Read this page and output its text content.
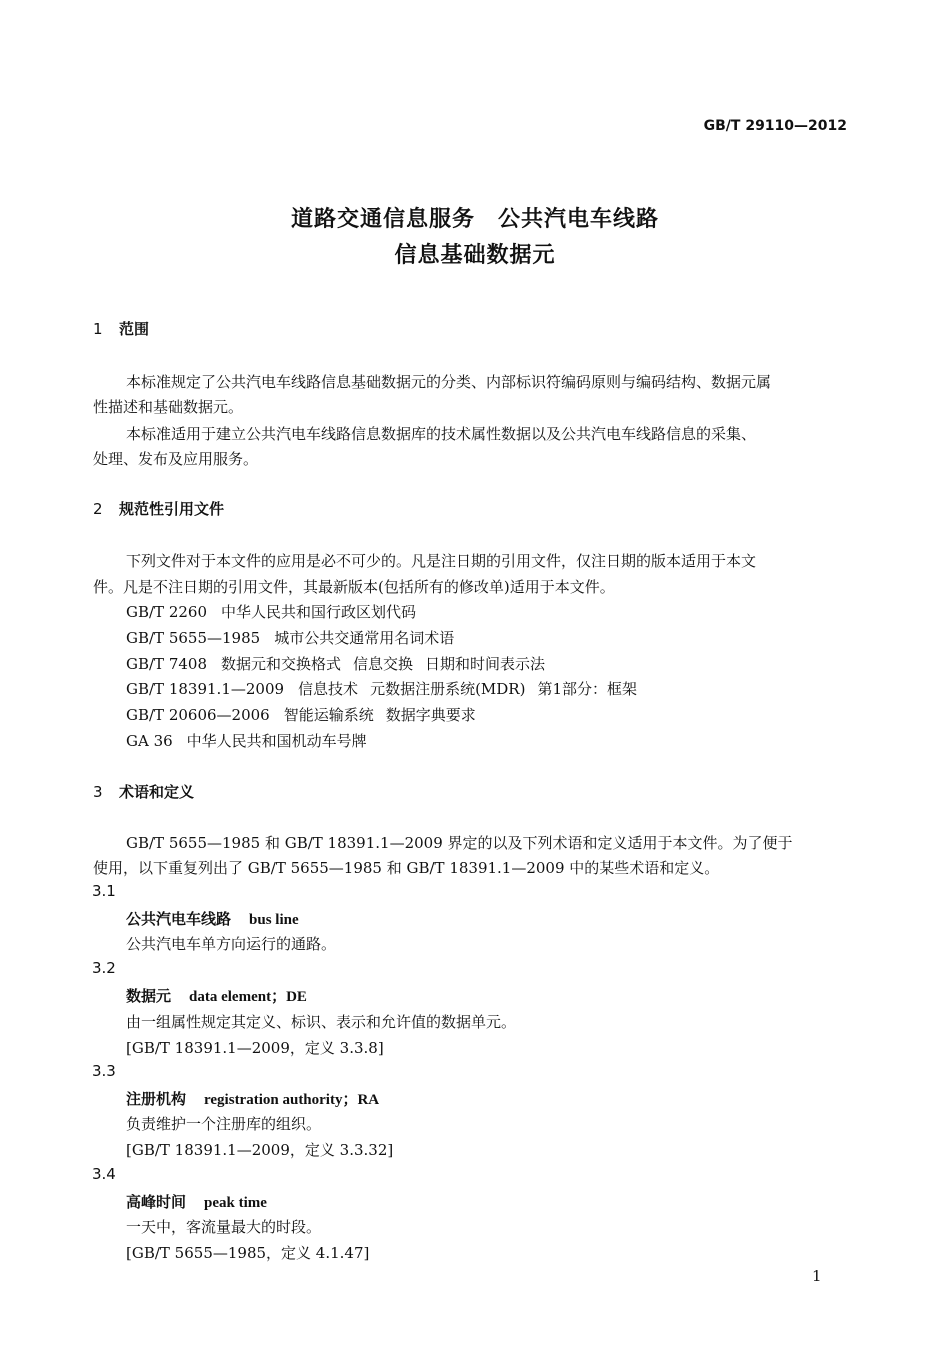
GB/T 29110—2012
道路交通信息服务　公共汽电车线路
信息基础数据元
1 范围
本标准规定了公共汽电车线路信息基础数据元的分类、内部标识符编码原则与编码结构、数据元属
性描述和基础数据元。
本标准适用于建立公共汽电车线路信息数据库的技术属性数据以及公共汽电车线路信息的采集、
处理、发布及应用服务。
2 规范性引用文件
下列文件对于本文件的应用是必不可少的。凡是注日期的引用文件，仅注日期的版本适用于本文
件。凡是不注日期的引用文件，其最新版本(包括所有的修改单)适用于本文件。
GB/T 2260 中华人民共和国行政区划代码
GB/T 5655—1985 城市公共交通常用名词术语
GB/T 7408 数据元和交换格式 信息交换 日期和时间表示法
GB/T 18391.1—2009 信息技术 元数据注册系统(MDR) 第1部分：框架
GB/T 20606—2006 智能运输系统 数据字典要求
GA 36 中华人民共和国机动车号牌
3 术语和定义
GB/T 5655—1985 和 GB/T 18391.1—2009 界定的以及下列术语和定义适用于本文件。为了便于
使用，以下重复列出了 GB/T 5655—1985 和 GB/T 18391.1—2009 中的某些术语和定义。
3.1
公共汽电车线路 bus line
公共汽电车单方向运行的通路。
3.2
数据元 data element；DE
由一组属性规定其定义、标识、表示和允许值的数据单元。
[GB/T 18391.1—2009，定义 3.3.8]
3.3
注册机构 registration authority；RA
负责维护一个注册库的组织。
[GB/T 18391.1—2009，定义 3.3.32]
3.4
高峰时间 peak time
一天中，客流量最大的时段。
[GB/T 5655—1985，定义 4.1.47]
1
